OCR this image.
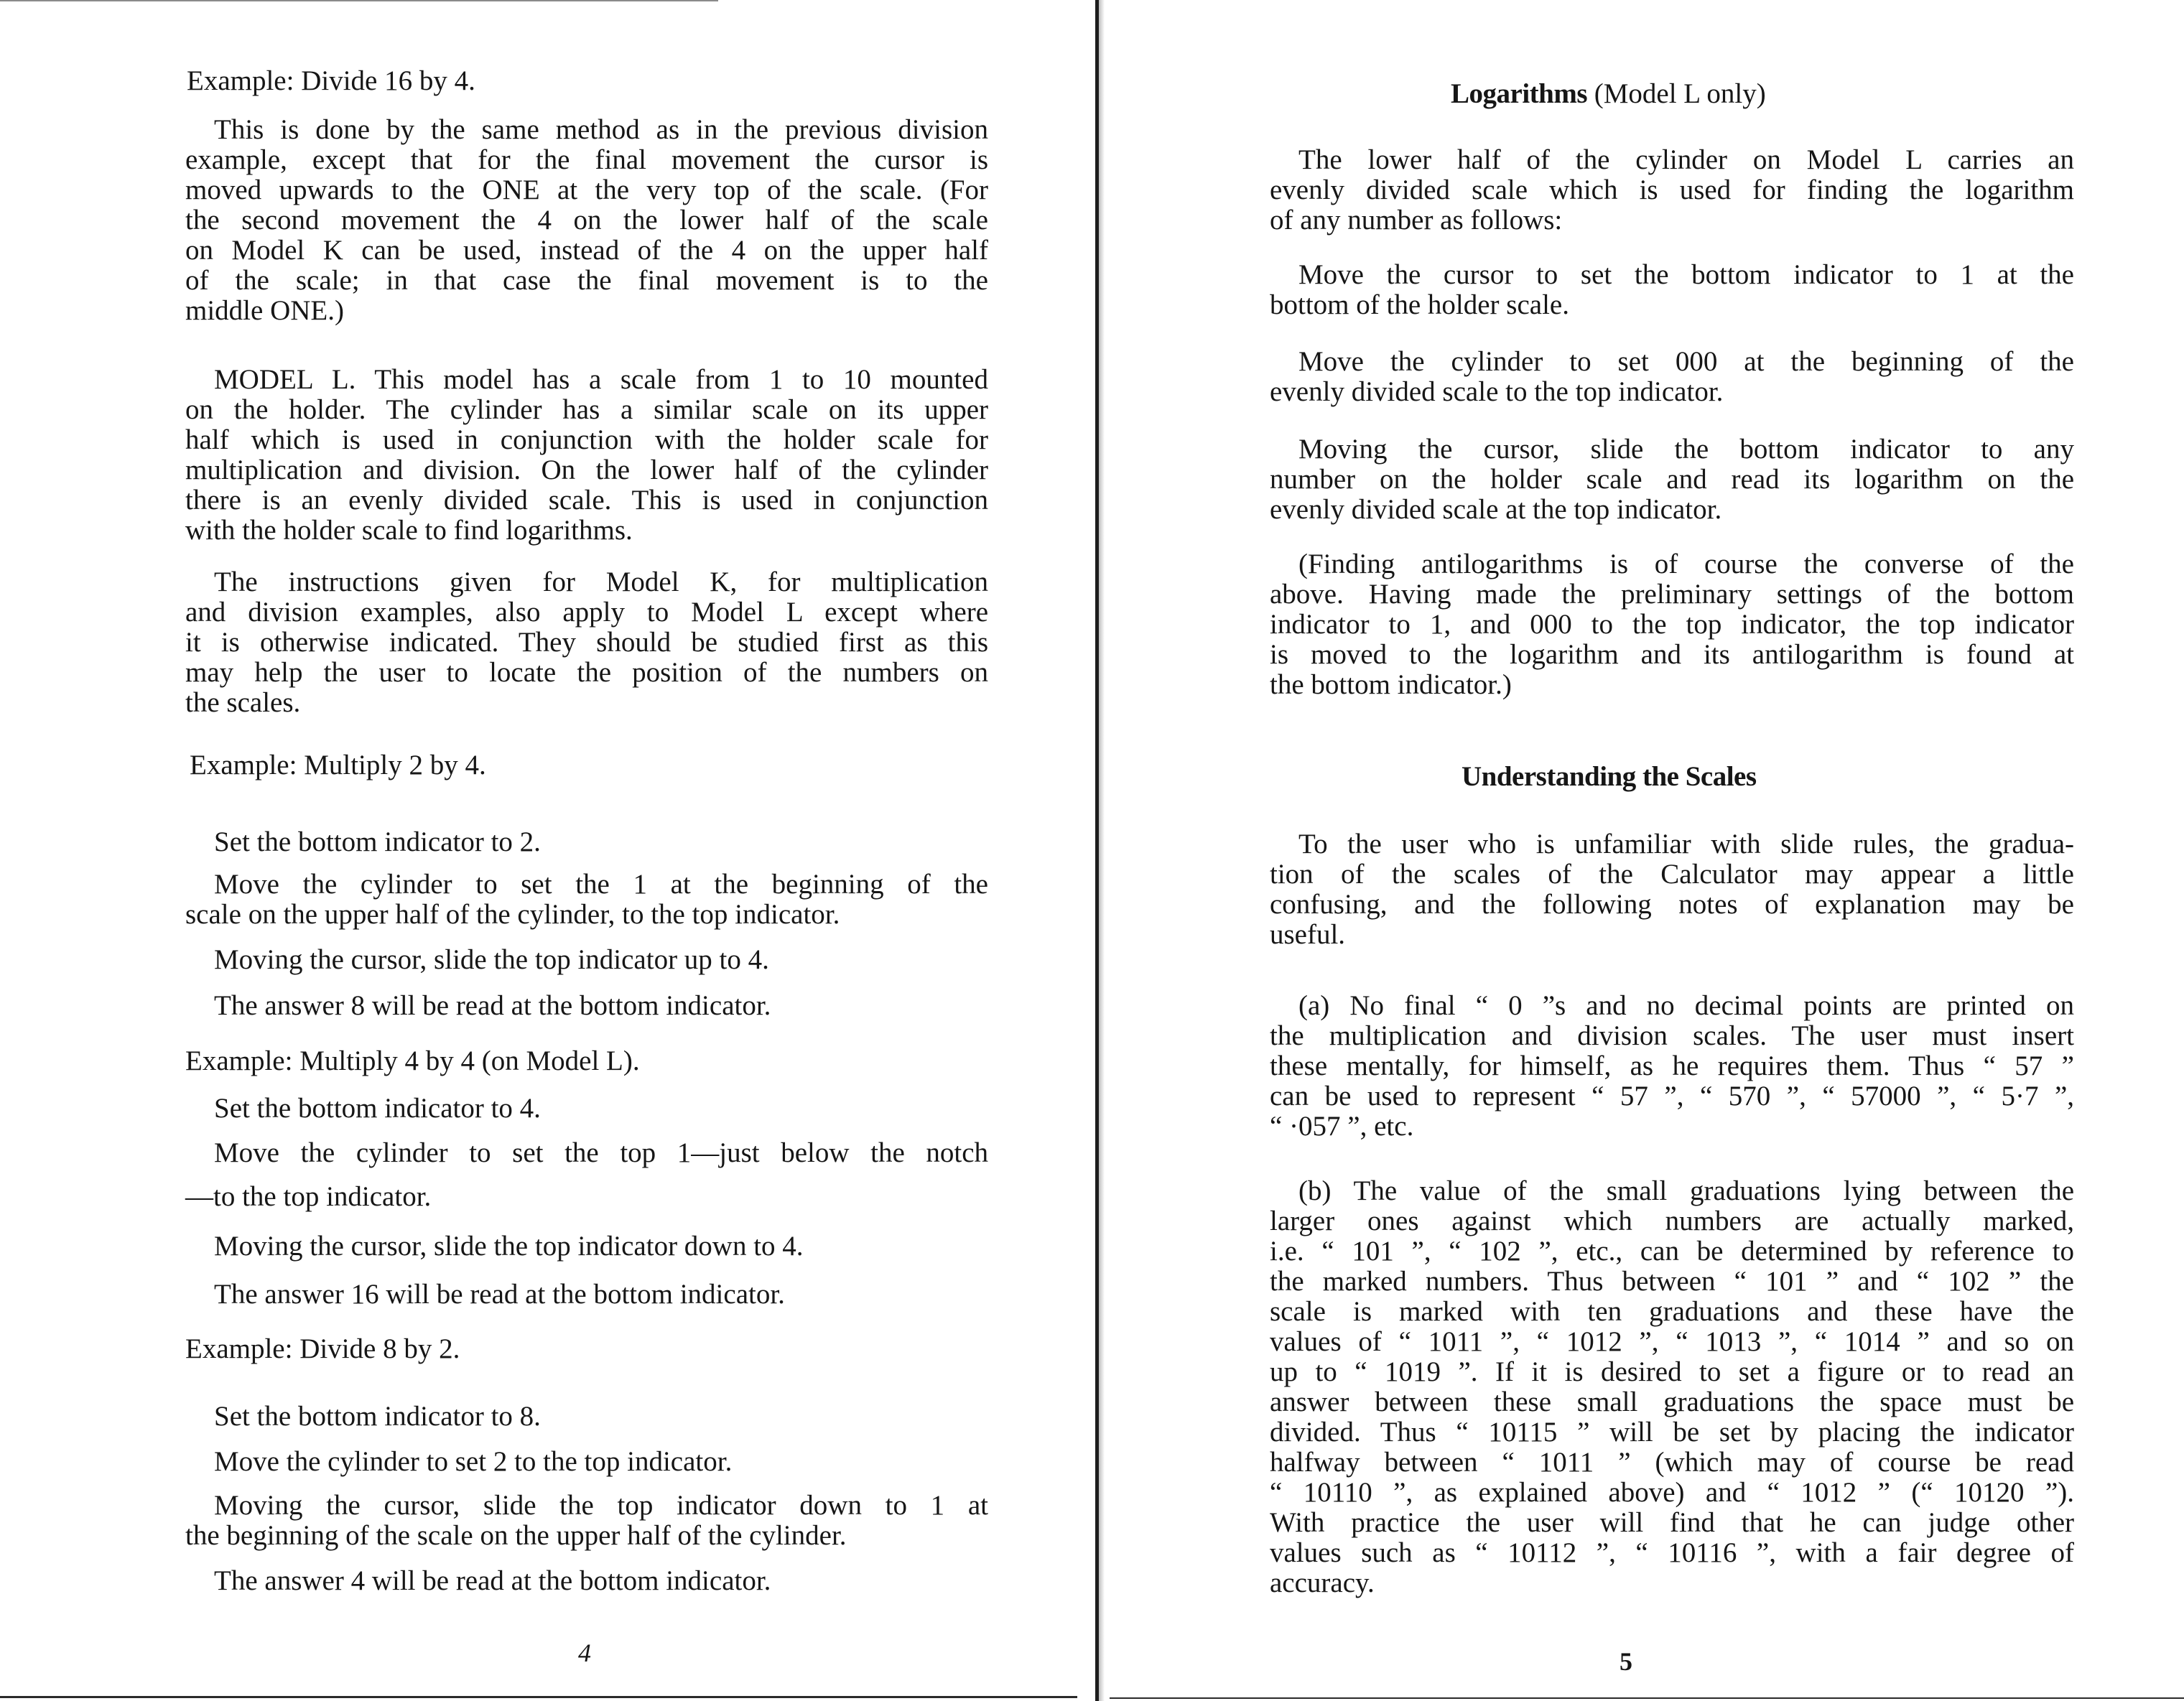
Example: Divide 16 by 4.
This is done by the same method as in the previous division
example, except that for the final movement the cursor is
moved upwards to the ONE at the very top of the scale. (For
the second movement the 4 on the lower half of the scale
on Model K can be used, instead of the 4 on the upper half
of the scale; in that case the final movement is to the
middle ONE.)
MODEL L. This model has a scale from 1 to 10 mounted
on the holder. The cylinder has a similar scale on its upper
half which is used in conjunction with the holder scale for
multiplication and division. On the lower half of the cylinder
there is an evenly divided scale. This is used in conjunction
with the holder scale to find logarithms.
The instructions given for Model K, for multiplication
and division examples, also apply to Model L except where
it is otherwise indicated. They should be studied first as this
may help the user to locate the position of the numbers on
the scales.
Example: Multiply 2 by 4.
Set the bottom indicator to 2.
Move the cylinder to set the 1 at the beginning of the
scale on the upper half of the cylinder, to the top indicator.
Moving the cursor, slide the top indicator up to 4.
The answer 8 will be read at the bottom indicator.
Example: Multiply 4 by 4 (on Model L).
Set the bottom indicator to 4.
Move the cylinder to set the top 1—just below the notch
—to the top indicator.
Moving the cursor, slide the top indicator down to 4.
The answer 16 will be read at the bottom indicator.
Example: Divide 8 by 2.
Set the bottom indicator to 8.
Move the cylinder to set 2 to the top indicator.
Moving the cursor, slide the top indicator down to 1 at
the beginning of the scale on the upper half of the cylinder.
The answer 4 will be read at the bottom indicator.
4
Logarithms (Model L only)
The lower half of the cylinder on Model L carries an
evenly divided scale which is used for finding the logarithm
of any number as follows:
Move the cursor to set the bottom indicator to 1 at the
bottom of the holder scale.
Move the cylinder to set 000 at the beginning of the
evenly divided scale to the top indicator.
Moving the cursor, slide the bottom indicator to any
number on the holder scale and read its logarithm on the
evenly divided scale at the top indicator.
(Finding antilogarithms is of course the converse of the
above. Having made the preliminary settings of the bottom
indicator to 1, and 000 to the top indicator, the top indicator
is moved to the logarithm and its antilogarithm is found at
the bottom indicator.)
Understanding the Scales
To the user who is unfamiliar with slide rules, the gradua-
tion of the scales of the Calculator may appear a little
confusing, and the following notes of explanation may be
useful.
(a) No final “ 0 ”s and no decimal points are printed on
the multiplication and division scales. The user must insert
these mentally, for himself, as he requires them. Thus “ 57 ”
can be used to represent “ 57 ”, “ 570 ”, “ 57000 ”, “ 5·7 ”,
“ ·057 ”, etc.
(b) The value of the small graduations lying between the
larger ones against which numbers are actually marked,
i.e. “ 101 ”, “ 102 ”, etc., can be determined by reference to
the marked numbers. Thus between “ 101 ” and “ 102 ” the
scale is marked with ten graduations and these have the
values of “ 1011 ”, “ 1012 ”, “ 1013 ”, “ 1014 ” and so on
up to “ 1019 ”. If it is desired to set a figure or to read an
answer between these small graduations the space must be
divided. Thus “ 10115 ” will be set by placing the indicator
halfway between “ 1011 ” (which may of course be read
“ 10110 ”, as explained above) and “ 1012 ” (“ 10120 ”).
With practice the user will find that he can judge other
values such as “ 10112 ”, “ 10116 ”, with a fair degree of
accuracy.
5
